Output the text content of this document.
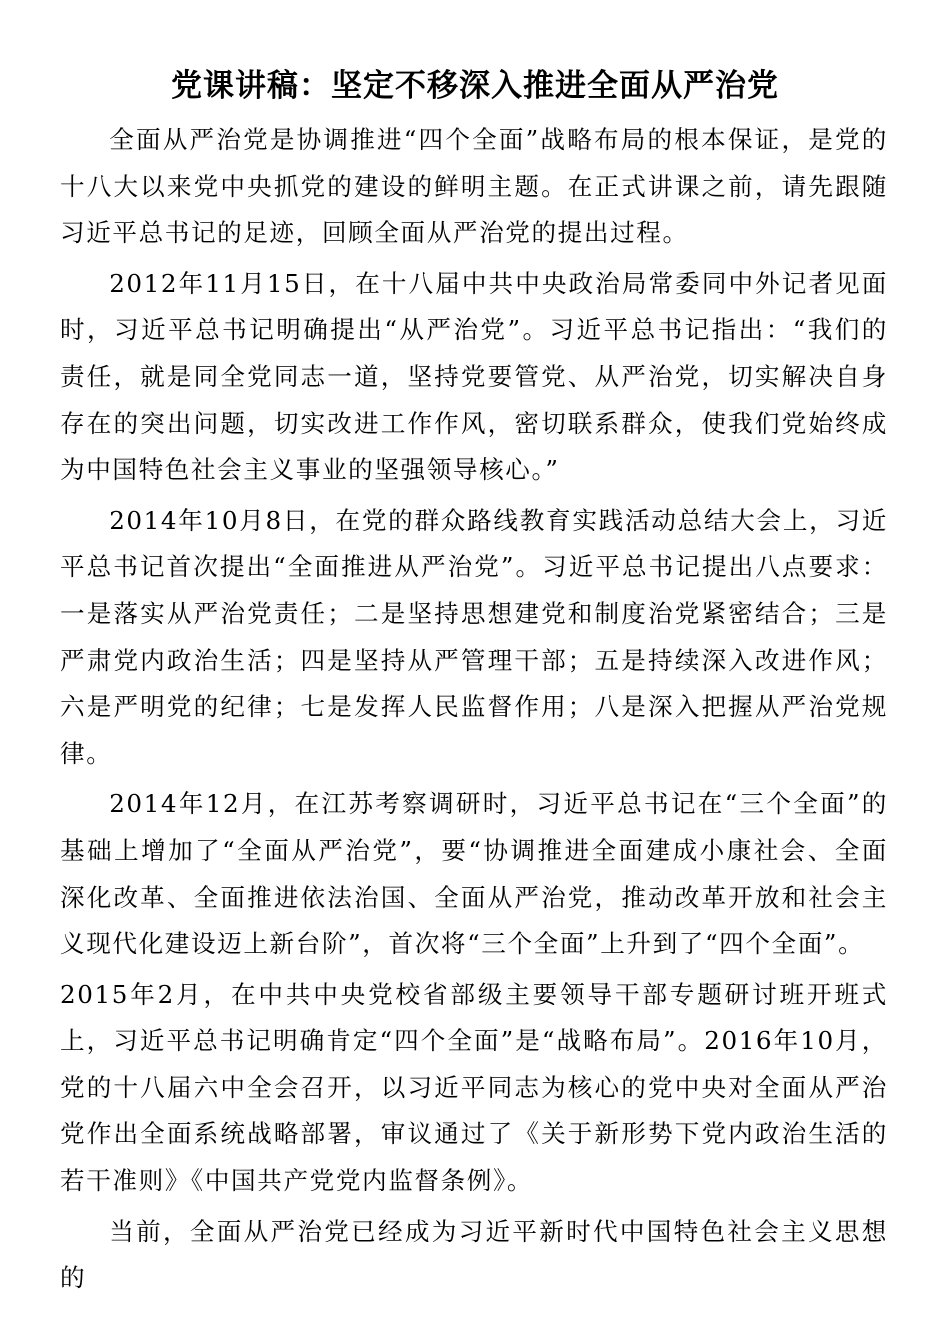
党课讲稿：坚定不移深入推进全面从严治党

全面从严治党是协调推进“四个全面”战略布局的根本保证，是党的十八大以来党中央抓党的建设的鲜明主题。在正式讲课之前，请先跟随习近平总书记的足迹，回顾全面从严治党的提出过程。

2012年11月15日，在十八届中共中央政治局常委同中外记者见面时，习近平总书记明确提出“从严治党”。习近平总书记指出：“我们的责任，就是同全党同志一道，坚持党要管党、从严治党，切实解决自身存在的突出问题，切实改进工作作风，密切联系群众，使我们党始终成为中国特色社会主义事业的坚强领导核心。”

2014年10月8日，在党的群众路线教育实践活动总结大会上，习近平总书记首次提出“全面推进从严治党”。习近平总书记提出八点要求：一是落实从严治党责任；二是坚持思想建党和制度治党紧密结合；三是严肃党内政治生活；四是坚持从严管理干部；五是持续深入改进作风；六是严明党的纪律；七是发挥人民监督作用；八是深入把握从严治党规律。

2014年12月，在江苏考察调研时，习近平总书记在“三个全面”的基础上增加了“全面从严治党”，要“协调推进全面建成小康社会、全面深化改革、全面推进依法治国、全面从严治党，推动改革开放和社会主义现代化建设迈上新台阶”，首次将“三个全面”上升到了“四个全面”。

2015年2月，在中共中央党校省部级主要领导干部专题研讨班开班式上，习近平总书记明确肯定“四个全面”是“战略布局”。2016年10月，党的十八届六中全会召开，以习近平同志为核心的党中央对全面从严治党作出全面系统战略部署，审议通过了《关于新形势下党内政治生活的若干准则》《中国共产党党内监督条例》。

当前，全面从严治党已经成为习近平新时代中国特色社会主义思想的
